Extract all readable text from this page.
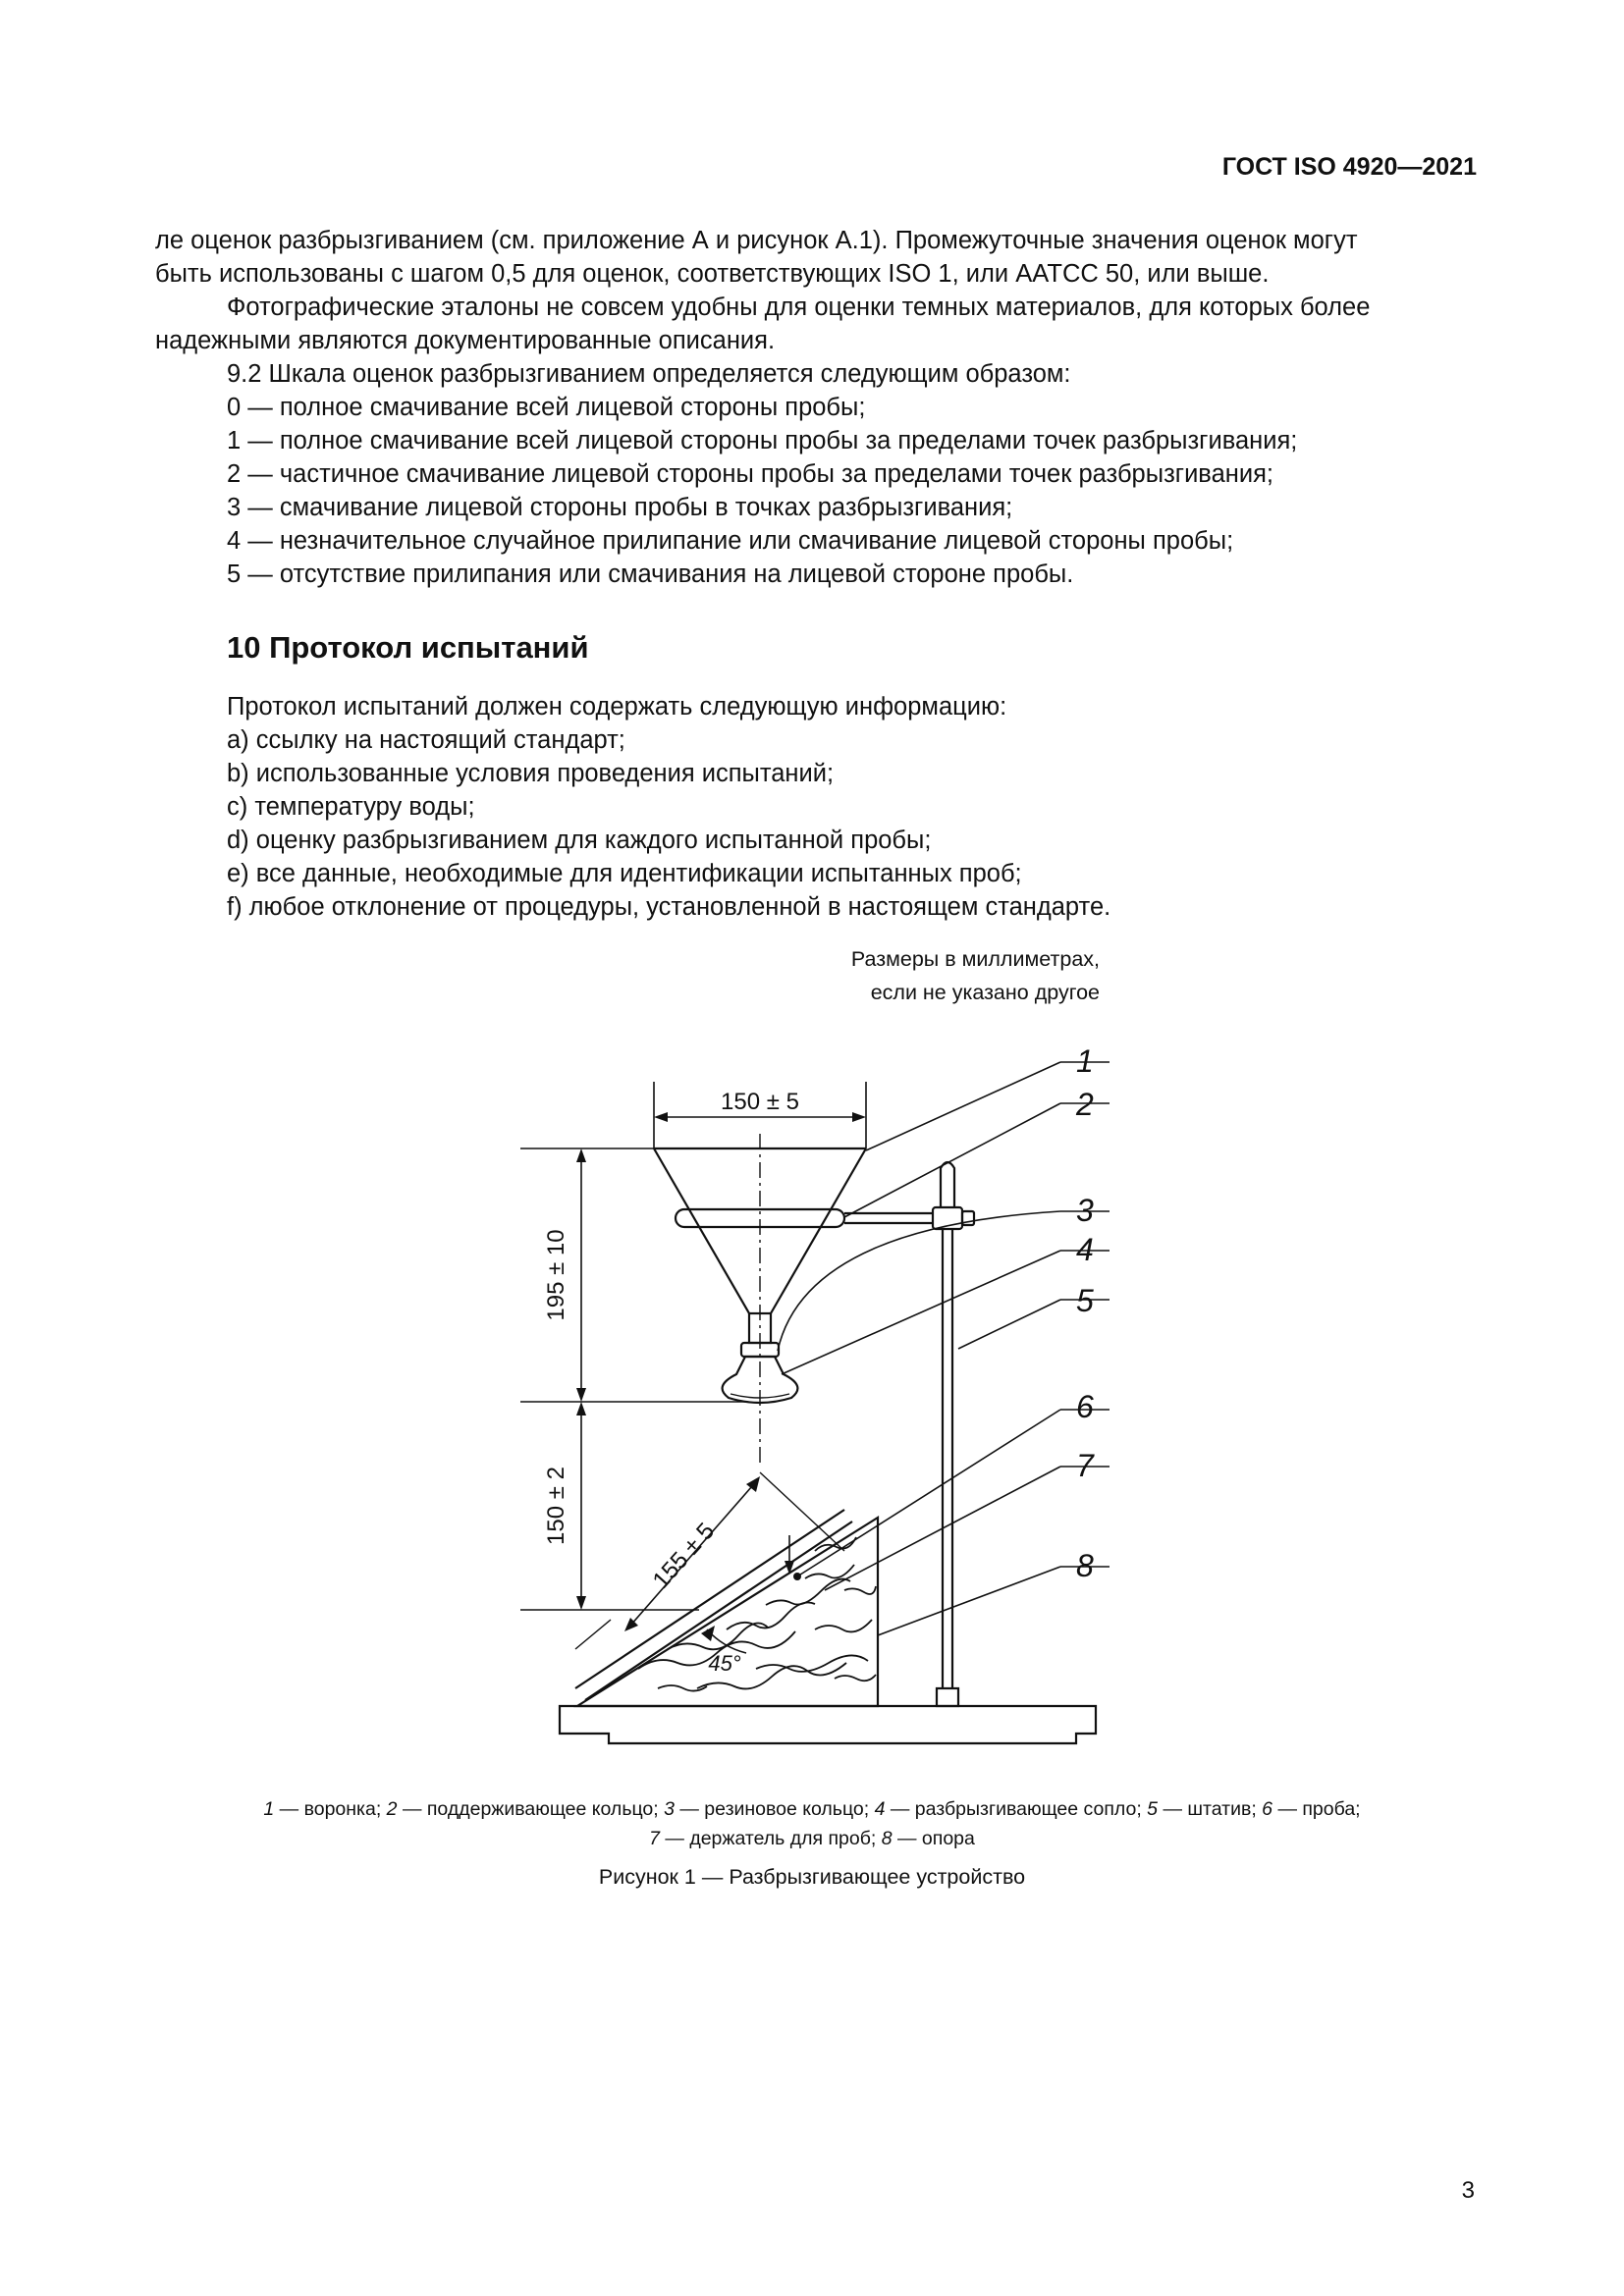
ГОСТ ISO 4920—2021

ле оценок разбрызгиванием (см. приложение А и рисунок А.1). Промежуточные значения оценок могут

быть использованы с шагом 0,5 для оценок, соответствующих ISO 1, или AATCC 50, или выше.

Фотографические эталоны не совсем удобны для оценки темных материалов, для которых более

надежными являются документированные описания.

9.2 Шкала оценок разбрызгиванием определяется следующим образом:

0 — полное смачивание всей лицевой стороны пробы;

1 — полное смачивание всей лицевой стороны пробы за пределами точек разбрызгивания;

2 — частичное смачивание лицевой стороны пробы за пределами точек разбрызгивания;

3 — смачивание лицевой стороны пробы в точках разбрызгивания;

4 — незначительное случайное прилипание или смачивание лицевой стороны пробы;

5 — отсутствие прилипания или смачивания на лицевой стороне пробы.

10 Протокол испытаний
Протокол испытаний должен содержать следующую информацию:
a) ссылку на настоящий стандарт;
b) использованные условия проведения испытаний;
c) температуру воды;
d) оценку разбрызгиванием для каждого испытанной пробы;
e) все данные, необходимые для идентификации испытанных проб;
f) любое отклонение от процедуры, установленной в настоящем стандарте.
Размеры в миллиметрах,
если не указано другое
150 ± 5
195 ± 10
150 ± 2
155 ± 5
45°
1
2
3
4
5
6
7
8
1 — воронка; 2 — поддерживающее кольцо; 3 — резиновое кольцо; 4 — разбрызгивающее сопло; 5 — штатив; 6 — проба;
7 — держатель для проб; 8 — опора
Рисунок 1 — Разбрызгивающее устройство
3
